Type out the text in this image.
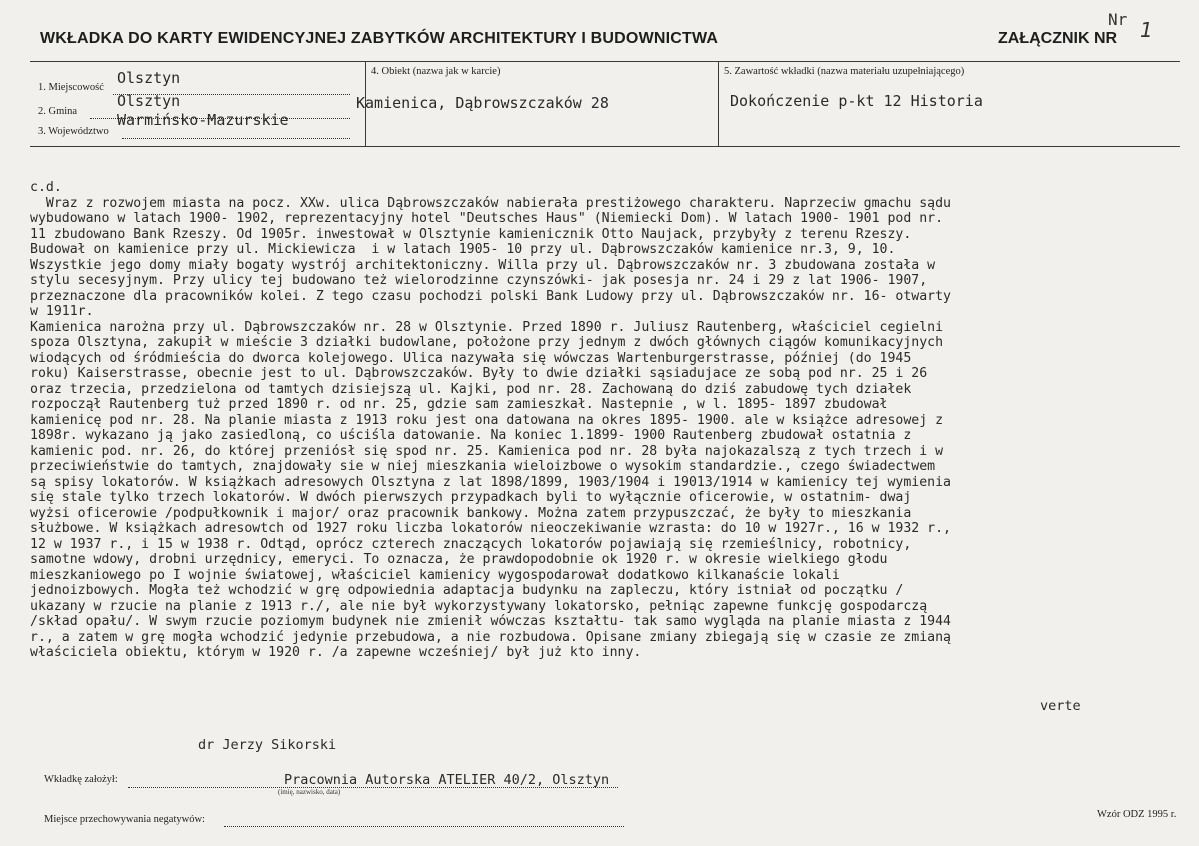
WKŁADKA DO KARTY EWIDENCYJNEJ ZABYTKÓW ARCHITEKTURY I BUDOWNICTWA	ZAŁĄCZNIK NR
Nr 1
1. Miejscowość
Olsztyn
2. Gmina
Olsztyn
3. Województwo
Warmińsko-Mazurskie
4. Obiekt (nazwa jak w karcie)
Kamienica, Dąbrowszczaków 28
5. Zawartość wkładki (nazwa materiału uzupełniającego)
Dokończenie p-kt 12 Historia
c.d.
Wraz z rozwojem miasta na pocz. XXw. ulica Dąbrowszczaków nabierała prestiżowego charakteru. Naprzeciw gmachu sądu
wybudowano w latach 1900- 1902, reprezentacyjny hotel "Deutsches Haus" (Niemiecki Dom). W latach 1900- 1901 pod nr.
11 zbudowano Bank Rzeszy. Od 1905r. inwestował w Olsztynie kamienicznik Otto Naujack, przybyły z terenu Rzeszy.
Budował on kamienice przy ul. Mickiewicza  i w latach 1905- 10 przy ul. Dąbrowszczaków kamienice nr.3, 9, 10.
Wszystkie jego domy miały bogaty wystrój architektoniczny. Willa przy ul. Dąbrowszczaków nr. 3 zbudowana została w
stylu secesyjnym. Przy ulicy tej budowano też wielorodzinne czynszówki- jak posesja nr. 24 i 29 z lat 1906- 1907,
przeznaczone dla pracowników kolei. Z tego czasu pochodzi polski Bank Ludowy przy ul. Dąbrowszczaków nr. 16- otwarty
w 1911r.
Kamienica narożna przy ul. Dąbrowszczaków nr. 28 w Olsztynie. Przed 1890 r. Juliusz Rautenberg, właściciel cegielni
spoza Olsztyna, zakupił w mieście 3 działki budowlane, położone przy jednym z dwóch głównych ciągów komunikacyjnych
wiodących od śródmieścia do dworca kolejowego. Ulica nazywała się wówczas Wartenburgerstrasse, później (do 1945
roku) Kaiserstrasse, obecnie jest to ul. Dąbrowszczaków. Były to dwie działki sąsiadujace ze sobą pod nr. 25 i 26
oraz trzecia, przedzielona od tamtych dzisiejszą ul. Kajki, pod nr. 28. Zachowaną do dziś zabudowę tych działek
rozpoczął Rautenberg tuż przed 1890 r. od nr. 25, gdzie sam zamieszkał. Nastepnie , w l. 1895- 1897 zbudował
kamienicę pod nr. 28. Na planie miasta z 1913 roku jest ona datowana na okres 1895- 1900. ale w książce adresowej z
1898r. wykazano ją jako zasiedloną, co uściśla datowanie. Na koniec 1.1899- 1900 Rautenberg zbudował ostatnia z
kamienic pod. nr. 26, do której przeniósł się spod nr. 25. Kamienica pod nr. 28 była najokazalszą z tych trzech i w
przeciwieństwie do tamtych, znajdowały sie w niej mieszkania wieloizbowe o wysokim standardzie., czego świadectwem
są spisy lokatorów. W książkach adresowych Olsztyna z lat 1898/1899, 1903/1904 i 19013/1914 w kamienicy tej wymienia
się stale tylko trzech lokatorów. W dwóch pierwszych przypadkach byli to wyłącznie oficerowie, w ostatnim- dwaj
wyżsi oficerowie /podpułkownik i major/ oraz pracownik bankowy. Można zatem przypuszczać, że były to mieszkania
służbowe. W książkach adresowtch od 1927 roku liczba lokatorów nieoczekiwanie wzrasta: do 10 w 1927r., 16 w 1932 r.,
12 w 1937 r., i 15 w 1938 r. Odtąd, oprócz czterech znaczących lokatorów pojawiają się rzemieślnicy, robotnicy,
samotne wdowy, drobni urzędnicy, emeryci. To oznacza, że prawdopodobnie ok 1920 r. w okresie wielkiego głodu
mieszkaniowego po I wojnie światowej, właściciel kamienicy wygospodarował dodatkowo kilkanaście lokali
jednoizbowych. Mogła też wchodzić w grę odpowiednia adaptacja budynku na zapleczu, który istniał od początku /
ukazany w rzucie na planie z 1913 r./, ale nie był wykorzystywany lokatorsko, pełniąc zapewne funkcję gospodarczą
/skład opału/. W swym rzucie poziomym budynek nie zmienił wówczas kształtu- tak samo wygląda na planie miasta z 1944
r., a zatem w grę mogła wchodzić jedynie przebudowa, a nie rozbudowa. Opisane zmiany zbiegają się w czasie ze zmianą
właściciela obiektu, którym w 1920 r. /a zapewne wcześniej/ był już kto inny.
verte
dr Jerzy Sikorski
Wkładkę założył:	Pracownia Autorska ATELIER 40/2, Olsztyn
(imię, nazwisko, data)
Miejsce przechowywania negatywów:	Wzór ODZ 1995 r.
